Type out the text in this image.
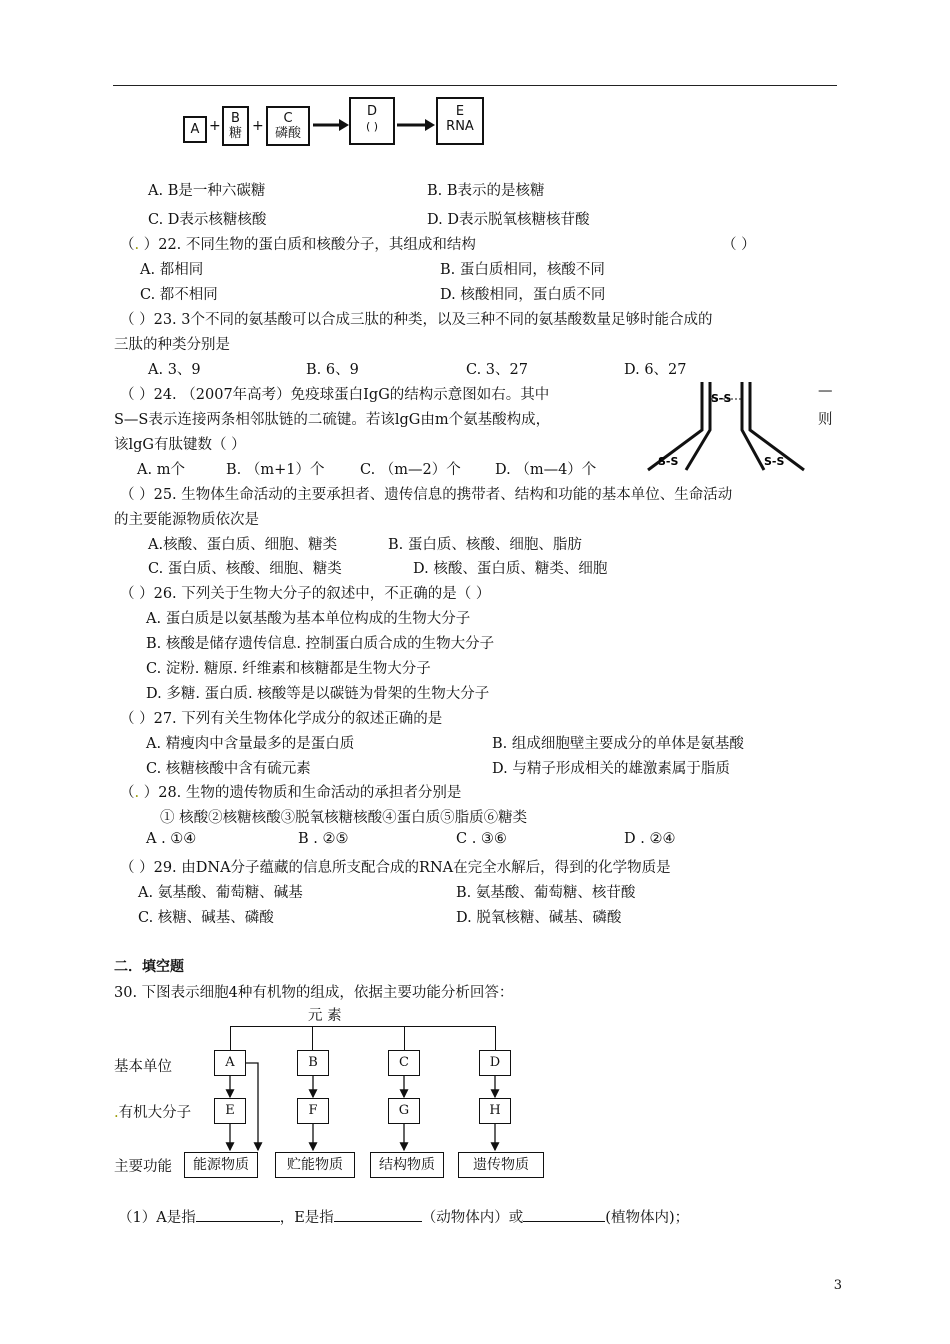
A + B
糖 +	C
磷酸
D
( )
E
RNA
A. B是一种六碳糖	B. B表示的是核糖
C. D表示核糖核酸	D. D表示脱氧核糖核苷酸
（. ）22. 不同生物的蛋白质和核酸分子，其组成和结构	（ ）
A. 都相同	B. 蛋白质相同，核酸不同
C. 都不相同	D. 核酸相同，蛋白质不同
（ ）23. 3个不同的氨基酸可以合成三肽的种类，以及三种不同的氨基酸数量足够时能合成的
三肽的种类分别是
A. 3、9	B. 6、9	C. 3、27	D. 6、27
（ ）24. （2007年高考）免疫球蛋白IgG的结构示意图如右。其中	—
S—S表示连接两条相邻肽链的二硫键。若该lgG由m个氨基酸构成，	则
该lgG有肽键数（ ）
A. m个	B. （m+1）个 C. （m—2）个 D. （m—4）个
S-S
S-S	S-S
（ ）25. 生物体生命活动的主要承担者、遗传信息的携带者、结构和功能的基本单位、生命活动
的主要能源物质依次是
A.核酸、蛋白质、细胞、糖类	B. 蛋白质、核酸、细胞、脂肪
C. 蛋白质、核酸、细胞、糖类	D. 核酸、蛋白质、糖类、细胞
（ ）26. 下列关于生物大分子的叙述中，不正确的是（ ）
A. 蛋白质是以氨基酸为基本单位构成的生物大分子
B. 核酸是储存遗传信息. 控制蛋白质合成的生物大分子
C. 淀粉. 糖原. 纤维素和核糖都是生物大分子
D. 多糖. 蛋白质. 核酸等是以碳链为骨架的生物大分子
（ ）27. 下列有关生物体化学成分的叙述正确的是
A. 精瘦肉中含量最多的是蛋白质	B. 组成细胞壁主要成分的单体是氨基酸
C. 核糖核酸中含有硫元素	D. 与精子形成相关的雄激素属于脂质
（. ）28. 生物的遗传物质和生命活动的承担者分别是
① 核酸②核糖核酸③脱氧核糖核酸④蛋白质⑤脂质⑥糖类
A . ①④	B . ②⑤	C . ③⑥	D . ②④
（ ）29. 由DNA分子蕴藏的信息所支配合成的RNA在完全水解后，得到的化学物质是
A. 氨基酸、葡萄糖、碱基	B. 氨基酸、葡萄糖、核苷酸
C. 核糖、碱基、磷酸	D. 脱氧核糖、碱基、磷酸
二．填空题
30. 下图表示细胞4种有机物的组成，依据主要功能分析回答：
元 素
基本单位
.有机大分子
主要功能
A	B	C	D
E	F	G	H
能源物质	贮能物质	结构物质	遗传物质
（1）A是指	，E是指	（动物体内）或	(植物体内)；
3
